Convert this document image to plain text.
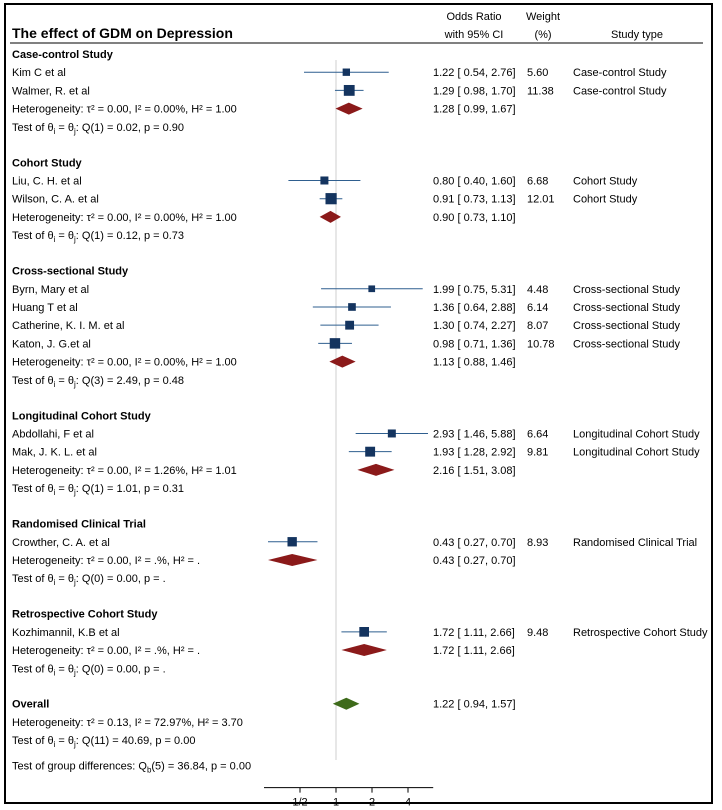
The effect of GDM on Depression
Odds Ratio
with 95% CI
Weight
(%)	Study type
Case-control Study
Kim C et al	1.22 [ 0.54, 2.76] 5.60 Case-control Study
Walmer, R. et al	1.29 [ 0.98, 1.70] 11.38 Case-control Study
Heterogeneity: τ² = 0.00, I² = 0.00%, H² = 1.00	1.28 [ 0.99, 1.67]
Test of $\theta_i = \theta_j$: Q(1) = 0.02, p = 0.90
Cohort Study
Liu, C. H. et al	0.80 [ 0.40, 1.60] 6.68 Cohort Study
Wilson, C. A. et al	0.91 [ 0.73, 1.13] 12.01 Cohort Study
Heterogeneity: τ² = 0.00, I² = 0.00%, H² = 1.00	0.90 [ 0.73, 1.10]
Test of $\theta_i = \theta_j$: Q(1) = 0.12, p = 0.73
Cross-sectional Study
Byrn, Mary et al	1.99 [ 0.75, 5.31] 4.48 Cross-sectional Study
Huang T et al	1.36 [ 0.64, 2.88] 6.14 Cross-sectional Study
Catherine, K. I. M. et al	1.30 [ 0.74, 2.27] 8.07 Cross-sectional Study
Katon, J. G.et al	0.98 [ 0.71, 1.36] 10.78 Cross-sectional Study
Heterogeneity: τ² = 0.00, I² = 0.00%, H² = 1.00	1.13 [ 0.88, 1.46]
Test of $\theta_i = \theta_j$: Q(3) = 2.49, p = 0.48
Longitudinal Cohort Study
Abdollahi, F et al	2.93 [ 1.46, 5.88] 6.64 Longitudinal Cohort Study
Mak, J. K. L. et al	1.93 [ 1.28, 2.92] 9.81 Longitudinal Cohort Study
Heterogeneity: τ² = 0.00, I² = 1.26%, H² = 1.01	2.16 [ 1.51, 3.08]
Test of $\theta_i = \theta_j$: Q(1) = 1.01, p = 0.31
Randomised Clinical Trial
Crowther, C. A. et al	0.43 [ 0.27, 0.70] 8.93 Randomised Clinical Trial
Heterogeneity: τ² = 0.00, I² = .%, H² = .	0.43 [ 0.27, 0.70]
Test of $\theta_i = \theta_j$: Q(0) = 0.00, p = .
Retrospective Cohort Study
Kozhimannil, K.B et al	1.72 [ 1.11, 2.66] 9.48 Retrospective Cohort Study
Heterogeneity: τ² = 0.00, I² = .%, H² = .	1.72 [ 1.11, 2.66]
Test of $\theta_i = \theta_j$: Q(0) = 0.00, p = .
Overall	1.22 [ 0.94, 1.57]
Heterogeneity: τ² = 0.13, I² = 72.97%, H² = 3.70
Test of $\theta_i = \theta_j$: Q(11) = 40.69, p = 0.00
Test of group differences: $Q_b(5) = 36.84$, p = 0.00
1/2 1	2	4
